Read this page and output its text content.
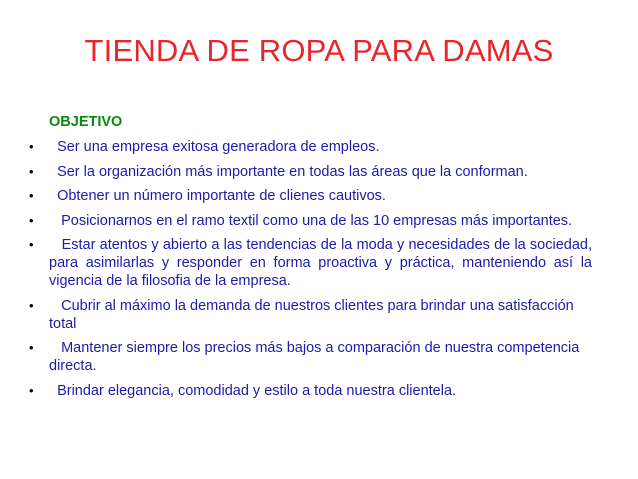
TIENDA DE ROPA PARA DAMAS
OBJETIVO
• Ser una empresa exitosa generadora de empleos.
• Ser la organización más importante en todas las áreas que la conforman.
• Obtener un número importante de clienes cautivos.
• Posicionarnos en el ramo textil como una de las 10 empresas más importantes.
• Estar atentos y abierto a las tendencias de la moda y necesidades de la sociedad, para asimilarlas y responder en forma proactiva y práctica, manteniendo así la vigencia de la filosofia de la empresa.
• Cubrir al máximo la demanda de nuestros clientes para brindar una satisfacción total
• Mantener siempre los precios más bajos a comparación de nuestra competencia directa.
• Brindar elegancia, comodidad y estilo a toda nuestra clientela.
